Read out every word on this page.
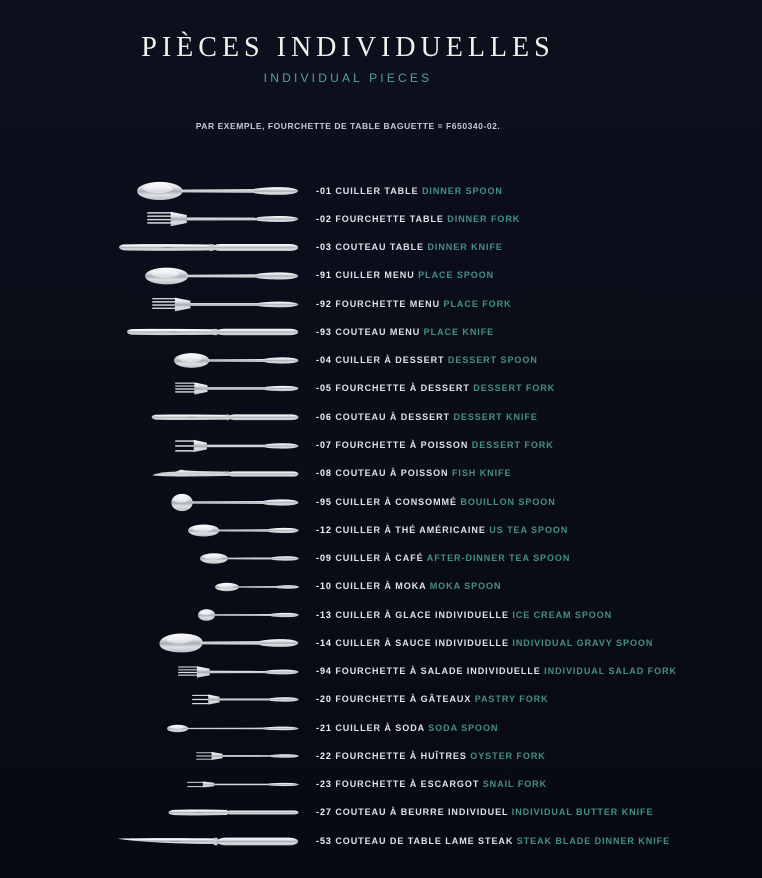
PIÈCES INDIVIDUELLES
INDIVIDUAL PIECES

PAR EXEMPLE, FOURCHETTE DE TABLE BAGUETTE = F650340-02.

-01 CUILLER TABLE DINNER SPOON
-02 FOURCHETTE TABLE DINNER FORK
-03 COUTEAU TABLE DINNER KNIFE
-91 CUILLER MENU PLACE SPOON
-92 FOURCHETTE MENU PLACE FORK
-93 COUTEAU MENU PLACE KNIFE
-04 CUILLER À DESSERT DESSERT SPOON
-05 FOURCHETTE À DESSERT DESSERT FORK
-06 COUTEAU À DESSERT DESSERT KNIFE
-07 FOURCHETTE À POISSON DESSERT FORK
-08 COUTEAU À POISSON FISH KNIFE
-95 CUILLER À CONSOMMÉ BOUILLON SPOON
-12 CUILLER À THÉ AMÉRICAINE US TEA SPOON
-09 CUILLER À CAFÉ AFTER-DINNER TEA SPOON
-10 CUILLER À MOKA MOKA SPOON
-13 CUILLER À GLACE INDIVIDUELLE ICE CREAM SPOON
-14 CUILLER À SAUCE INDIVIDUELLE INDIVIDUAL GRAVY SPOON
-94 FOURCHETTE À SALADE INDIVIDUELLE INDIVIDUAL SALAD FORK
-20 FOURCHETTE À GÂTEAUX PASTRY FORK
-21 CUILLER À SODA SODA SPOON
-22 FOURCHETTE À HUÎTRES OYSTER FORK
-23 FOURCHETTE À ESCARGOT SNAIL FORK
-27 COUTEAU À BEURRE INDIVIDUEL INDIVIDUAL BUTTER KNIFE
-53 COUTEAU DE TABLE LAME STEAK STEAK BLADE DINNER KNIFE
